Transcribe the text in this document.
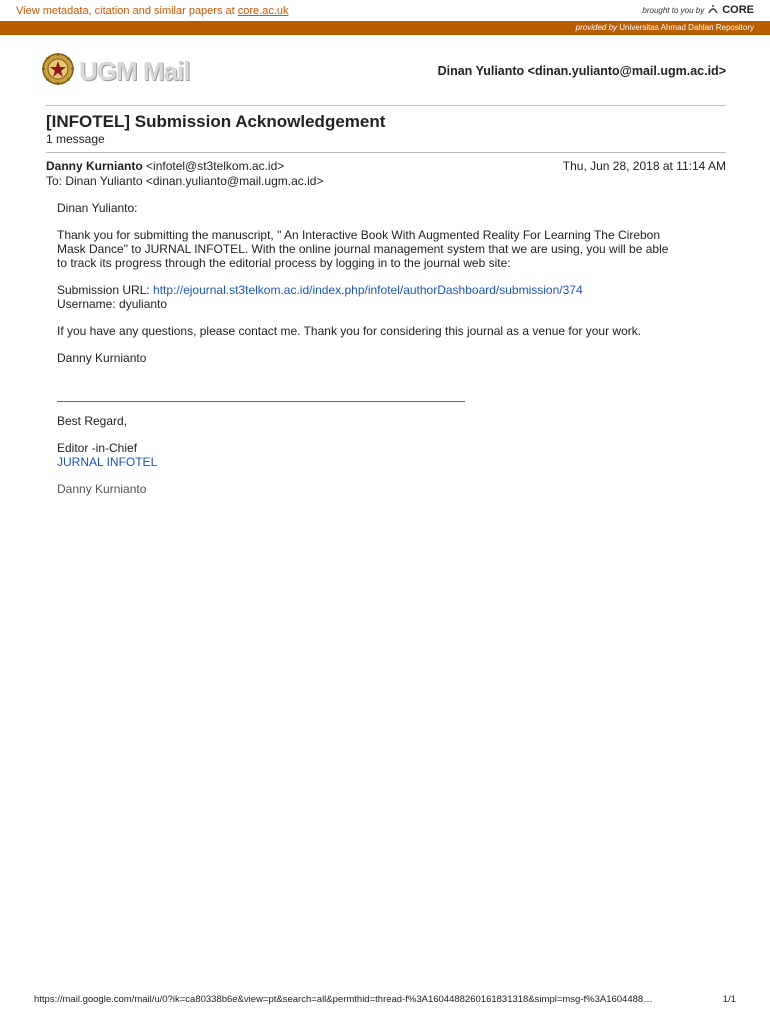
View metadata, citation and similar papers at core.ac.uk	brought to you by CORE
provided by Universitas Ahmad Dahlan Repository
UGM Mail	Dinan Yulianto <dinan.yulianto@mail.ugm.ac.id>
[INFOTEL] Submission Acknowledgement
1 message
Danny Kurnianto <infotel@st3telkom.ac.id>	Thu, Jun 28, 2018 at 11:14 AM
To: Dinan Yulianto <dinan.yulianto@mail.ugm.ac.id>

Dinan Yulianto:

Thank you for submitting the manuscript, " An Interactive Book With Augmented Reality For Learning The Cirebon

Mask Dance" to JURNAL INFOTEL. With the online journal management system that we are using, you will be able

to track its progress through the editorial process by logging in to the journal web site:

Submission URL: http://ejournal.st3telkom.ac.id/index.php/infotel/authorDashboard/submission/374

Username: dyulianto

If you have any questions, please contact me. Thank you for considering this journal as a venue for your work.

Danny Kurnianto

Best Regard,

Editor -in-Chief

JURNAL INFOTEL

Danny Kurnianto

https://mail.google.com/mail/u/0?ik=ca80338b6e&view=pt&search=all&permthid=thread-f%3A1604488260161831318&simpl=msg-f%3A1604488…	1/1
